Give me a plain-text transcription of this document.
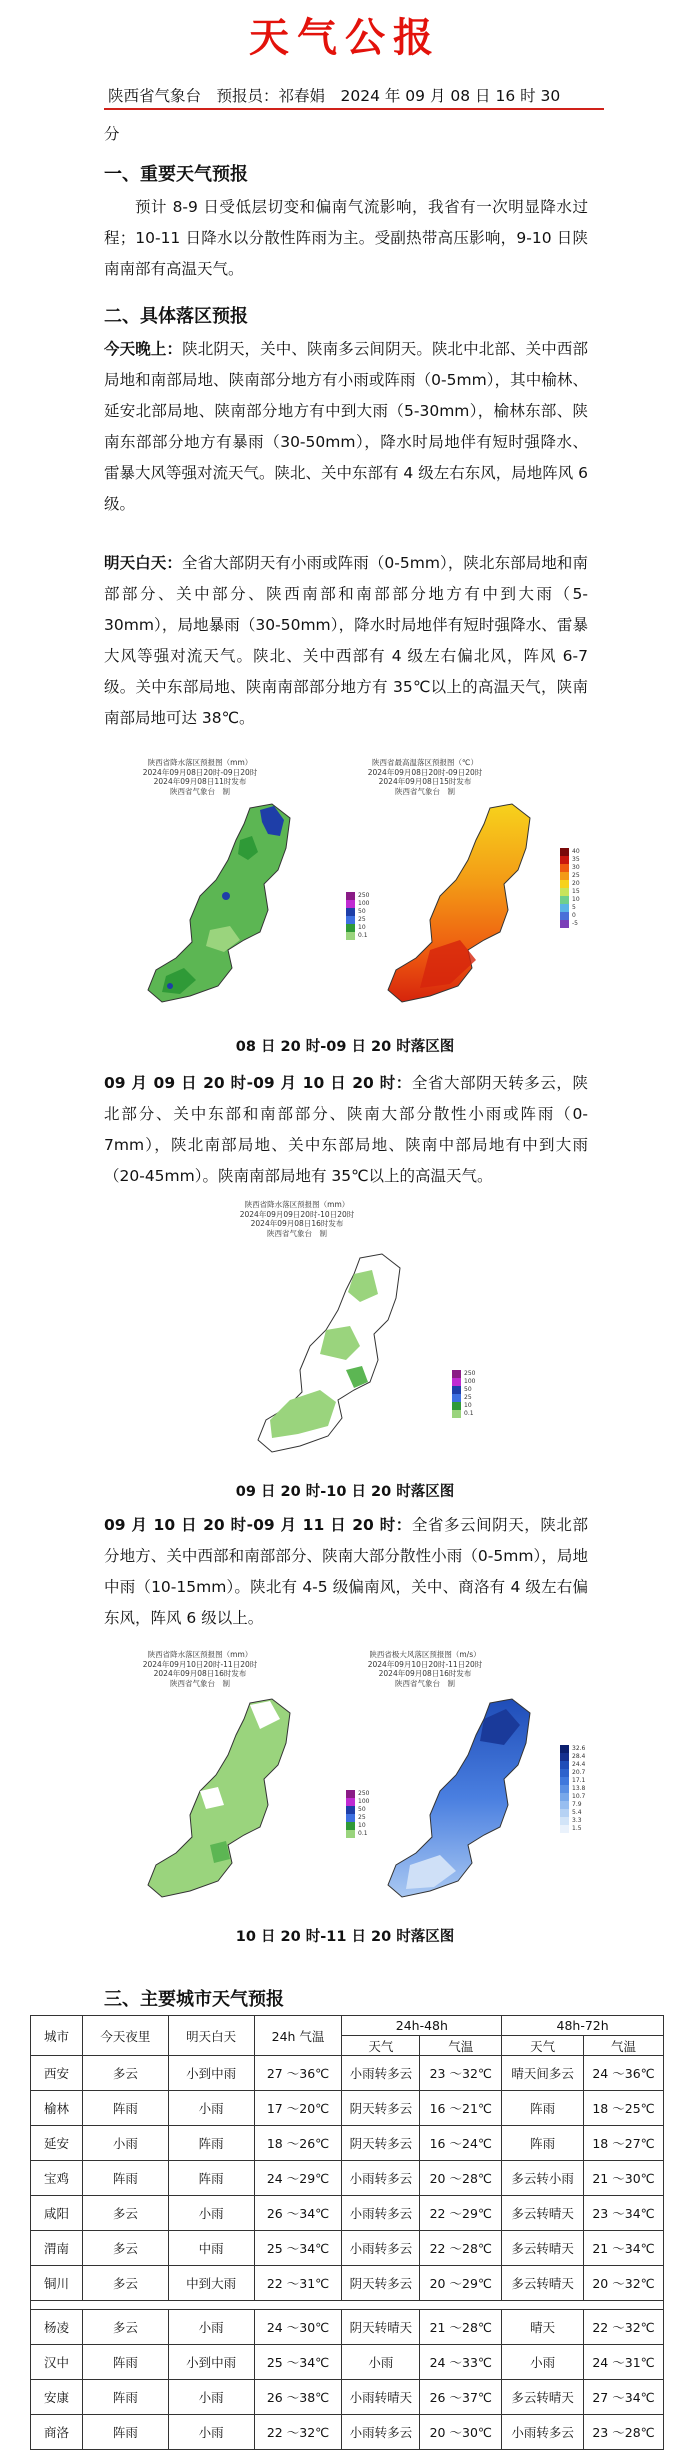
天气公报
陕西省气象台　预报员：祁春娟　2024 年 09 月 08 日 16 时 30
分
一、重要天气预报
预计 8-9 日受低层切变和偏南气流影响，我省有一次明显降水过程；10-11 日降水以分散性阵雨为主。受副热带高压影响，9-10 日陕南南部有高温天气。
二、具体落区预报
今天晚上：陕北阴天，关中、陕南多云间阴天。陕北中北部、关中西部局地和南部局地、陕南部分地方有小雨或阵雨（0-5mm），其中榆林、延安北部局地、陕南部分地方有中到大雨（5-30mm），榆林东部、陕南东部部分地方有暴雨（30-50mm），降水时局地伴有短时强降水、雷暴大风等强对流天气。陕北、关中东部有 4 级左右东风，局地阵风 6 级。
明天白天：全省大部阴天有小雨或阵雨（0-5mm），陕北东部局地和南部部分、关中部分、陕西南部和南部部分地方有中到大雨（5-30mm），局地暴雨（30-50mm），降水时局地伴有短时强降水、雷暴大风等强对流天气。陕北、关中西部有 4 级左右偏北风，阵风 6-7 级。关中东部局地、陕南南部部分地方有 35℃以上的高温天气，陕南南部局地可达 38℃。
陕西省降水落区预报图（mm）
2024年09月08日20时-09日20时
2024年09月08日11时发布
陕西省气象台　制
250
100
50
25
10
0.1
陕西省最高温落区预报图（℃）
2024年09月08日20时-09日20时
2024年09月08日15时发布
陕西省气象台　制
40
35
30
25
20
15
10
5
0
-5
08 日 20 时-09 日 20 时落区图
09 月 09 日 20 时-09 月 10 日 20 时：全省大部阴天转多云，陕北部分、关中东部和南部部分、陕南大部分散性小雨或阵雨（0-7mm），陕北南部局地、关中东部局地、陕南中部局地有中到大雨（20-45mm）。陕南南部局地有 35℃以上的高温天气。
陕西省降水落区预报图（mm）
2024年09月09日20时-10日20时
2024年09月08日16时发布
陕西省气象台　制
250
100
50
25
10
0.1
09 日 20 时-10 日 20 时落区图
09 月 10 日 20 时-09 月 11 日 20 时：全省多云间阴天，陕北部分地方、关中西部和南部部分、陕南大部分散性小雨（0-5mm），局地中雨（10-15mm）。陕北有 4-5 级偏南风，关中、商洛有 4 级左右偏东风，阵风 6 级以上。
陕西省降水落区预报图（mm）
2024年09月10日20时-11日20时
2024年09月08日16时发布
陕西省气象台　制
250
100
50
25
10
0.1
陕西省极大风落区预报图（m/s）
2024年09月10日20时-11日20时
2024年09月08日16时发布
陕西省气象台　制
32.6
28.4
24.4
20.7
17.1
13.8
10.7
7.9
5.4
3.3
1.5
10 日 20 时-11 日 20 时落区图
三、主要城市天气预报
城市	今天夜里	明天白天	24h 气温	24h-48h		48h-72h	
				天气	气温	天气	气温
西安	多云	小到中雨	27 ～36℃	小雨转多云	23 ～32℃	晴天间多云	24 ～36℃
榆林	阵雨	小雨	17 ～20℃	阴天转多云	16 ～21℃	阵雨	18 ～25℃
延安	小雨	阵雨	18 ～26℃	阴天转多云	16 ～24℃	阵雨	18 ～27℃
宝鸡	阵雨	阵雨	24 ～29℃	小雨转多云	20 ～28℃	多云转小雨	21 ～30℃
咸阳	多云	小雨	26 ～34℃	小雨转多云	22 ～29℃	多云转晴天	23 ～34℃
渭南	多云	中雨	25 ～34℃	小雨转多云	22 ～28℃	多云转晴天	21 ～34℃
铜川	多云	中到大雨	22 ～31℃	阴天转多云	20 ～29℃	多云转晴天	20 ～32℃

杨凌	多云	小雨	24 ～30℃	阴天转晴天	21 ～28℃	晴天	22 ～32℃
汉中	阵雨	小到中雨	25 ～34℃	小雨	24 ～33℃	小雨	24 ～31℃
安康	阵雨	小雨	26 ～38℃	小雨转晴天	26 ～37℃	多云转晴天	27 ～34℃
商洛	阵雨	小雨	22 ～32℃	小雨转多云	20 ～30℃	小雨转多云	23 ～28℃
